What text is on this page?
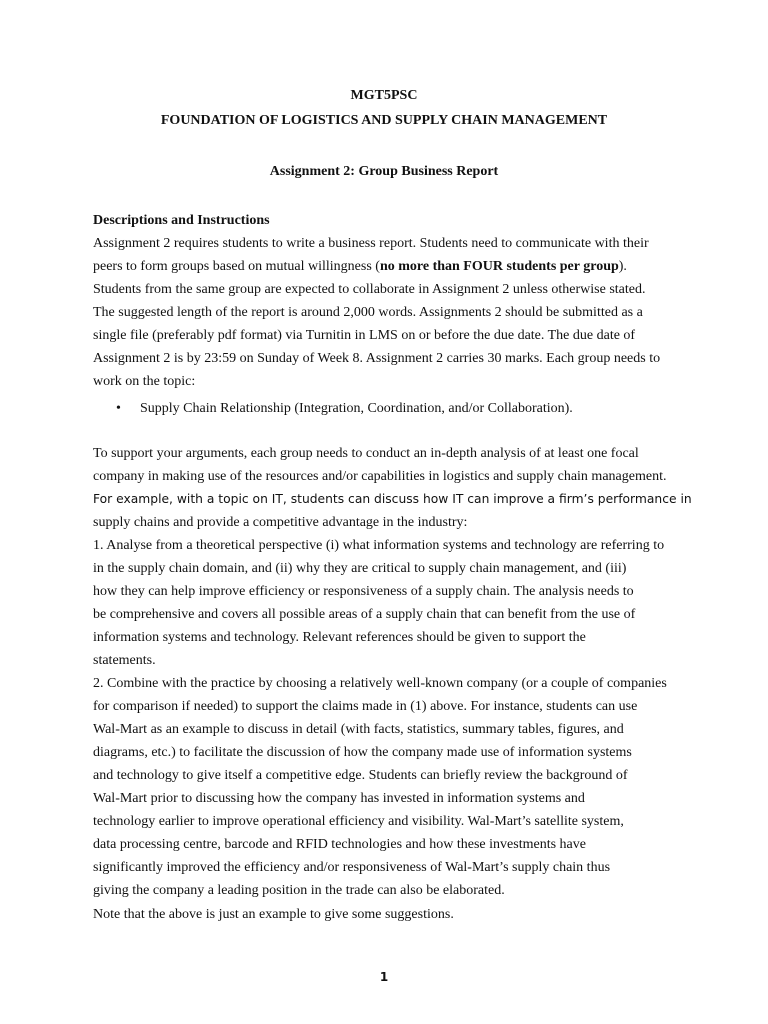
MGT5PSC
FOUNDATION OF LOGISTICS AND SUPPLY CHAIN MANAGEMENT
Assignment 2: Group Business Report
Descriptions and Instructions
Assignment 2 requires students to write a business report. Students need to communicate with their
peers to form groups based on mutual willingness (no more than FOUR students per group).
Students from the same group are expected to collaborate in Assignment 2 unless otherwise stated.
The suggested length of the report is around 2,000 words. Assignments 2 should be submitted as a
single file (preferably pdf format) via Turnitin in LMS on or before the due date. The due date of
Assignment 2 is by 23:59 on Sunday of Week 8. Assignment 2 carries 30 marks. Each group needs to
work on the topic:
• Supply Chain Relationship (Integration, Coordination, and/or Collaboration).
To support your arguments, each group needs to conduct an in-depth analysis of at least one focal
company in making use of the resources and/or capabilities in logistics and supply chain management.
For example, with a topic on IT, students can discuss how IT can improve a firm’s performance in
supply chains and provide a competitive advantage in the industry:
1. Analyse from a theoretical perspective (i) what information systems and technology are referring to
in the supply chain domain, and (ii) why they are critical to supply chain management, and (iii)
how they can help improve efficiency or responsiveness of a supply chain. The analysis needs to
be comprehensive and covers all possible areas of a supply chain that can benefit from the use of
information systems and technology. Relevant references should be given to support the
statements.
2. Combine with the practice by choosing a relatively well-known company (or a couple of companies
for comparison if needed) to support the claims made in (1) above. For instance, students can use
Wal-Mart as an example to discuss in detail (with facts, statistics, summary tables, figures, and
diagrams, etc.) to facilitate the discussion of how the company made use of information systems
and technology to give itself a competitive edge. Students can briefly review the background of
Wal-Mart prior to discussing how the company has invested in information systems and
technology earlier to improve operational efficiency and visibility. Wal-Mart’s satellite system,
data processing centre, barcode and RFID technologies and how these investments have
significantly improved the efficiency and/or responsiveness of Wal-Mart’s supply chain thus
giving the company a leading position in the trade can also be elaborated.
Note that the above is just an example to give some suggestions.
1
